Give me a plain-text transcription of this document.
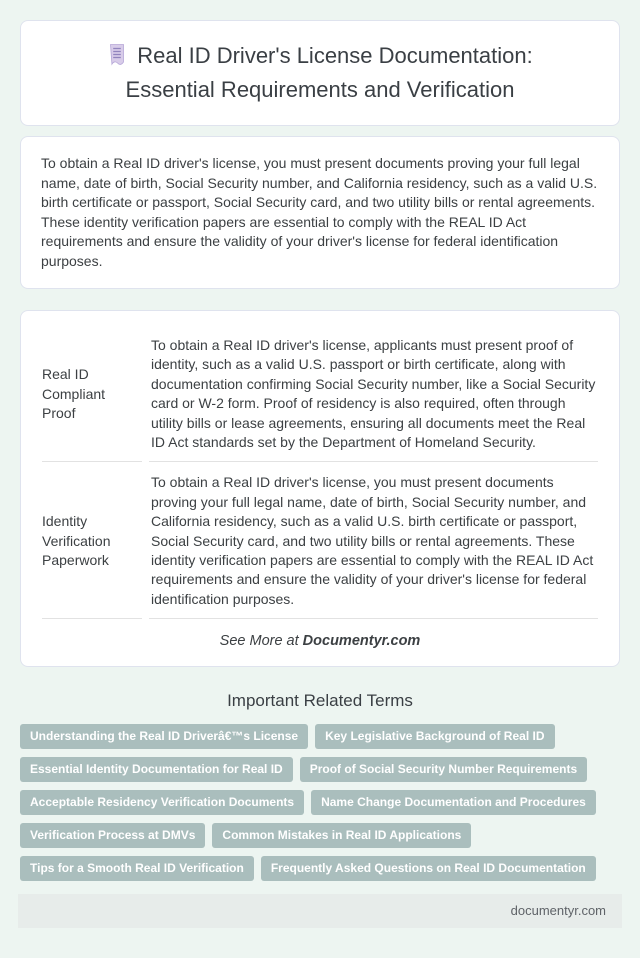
Real ID Driver's License Documentation:
Essential Requirements and Verification

To obtain a Real ID driver's license, you must present documents proving your full legal name, date of birth, Social Security number, and California residency, such as a valid U.S. birth certificate or passport, Social Security card, and two utility bills or rental agreements. These identity verification papers are essential to comply with the REAL ID Act requirements and ensure the validity of your driver's license for federal identification purposes.

Real ID Compliant Proof	To obtain a Real ID driver's license, applicants must present proof of identity, such as a valid U.S. passport or birth certificate, along with documentation confirming Social Security number, like a Social Security card or W-2 form. Proof of residency is also required, often through utility bills or lease agreements, ensuring all documents meet the Real ID Act standards set by the Department of Homeland Security.
Identity Verification Paperwork	To obtain a Real ID driver's license, you must present documents proving your full legal name, date of birth, Social Security number, and California residency, such as a valid U.S. birth certificate or passport, Social Security card, and two utility bills or rental agreements. These identity verification papers are essential to comply with the REAL ID Act requirements and ensure the validity of your driver's license for federal identification purposes.

See More at Documentyr.com

Important Related Terms
Understanding the Real ID Driverâ€™s License	Key Legislative Background of Real ID
Essential Identity Documentation for Real ID	Proof of Social Security Number Requirements
Acceptable Residency Verification Documents	Name Change Documentation and Procedures
Verification Process at DMVs	Common Mistakes in Real ID Applications
Tips for a Smooth Real ID Verification	Frequently Asked Questions on Real ID Documentation
documentyr.com
